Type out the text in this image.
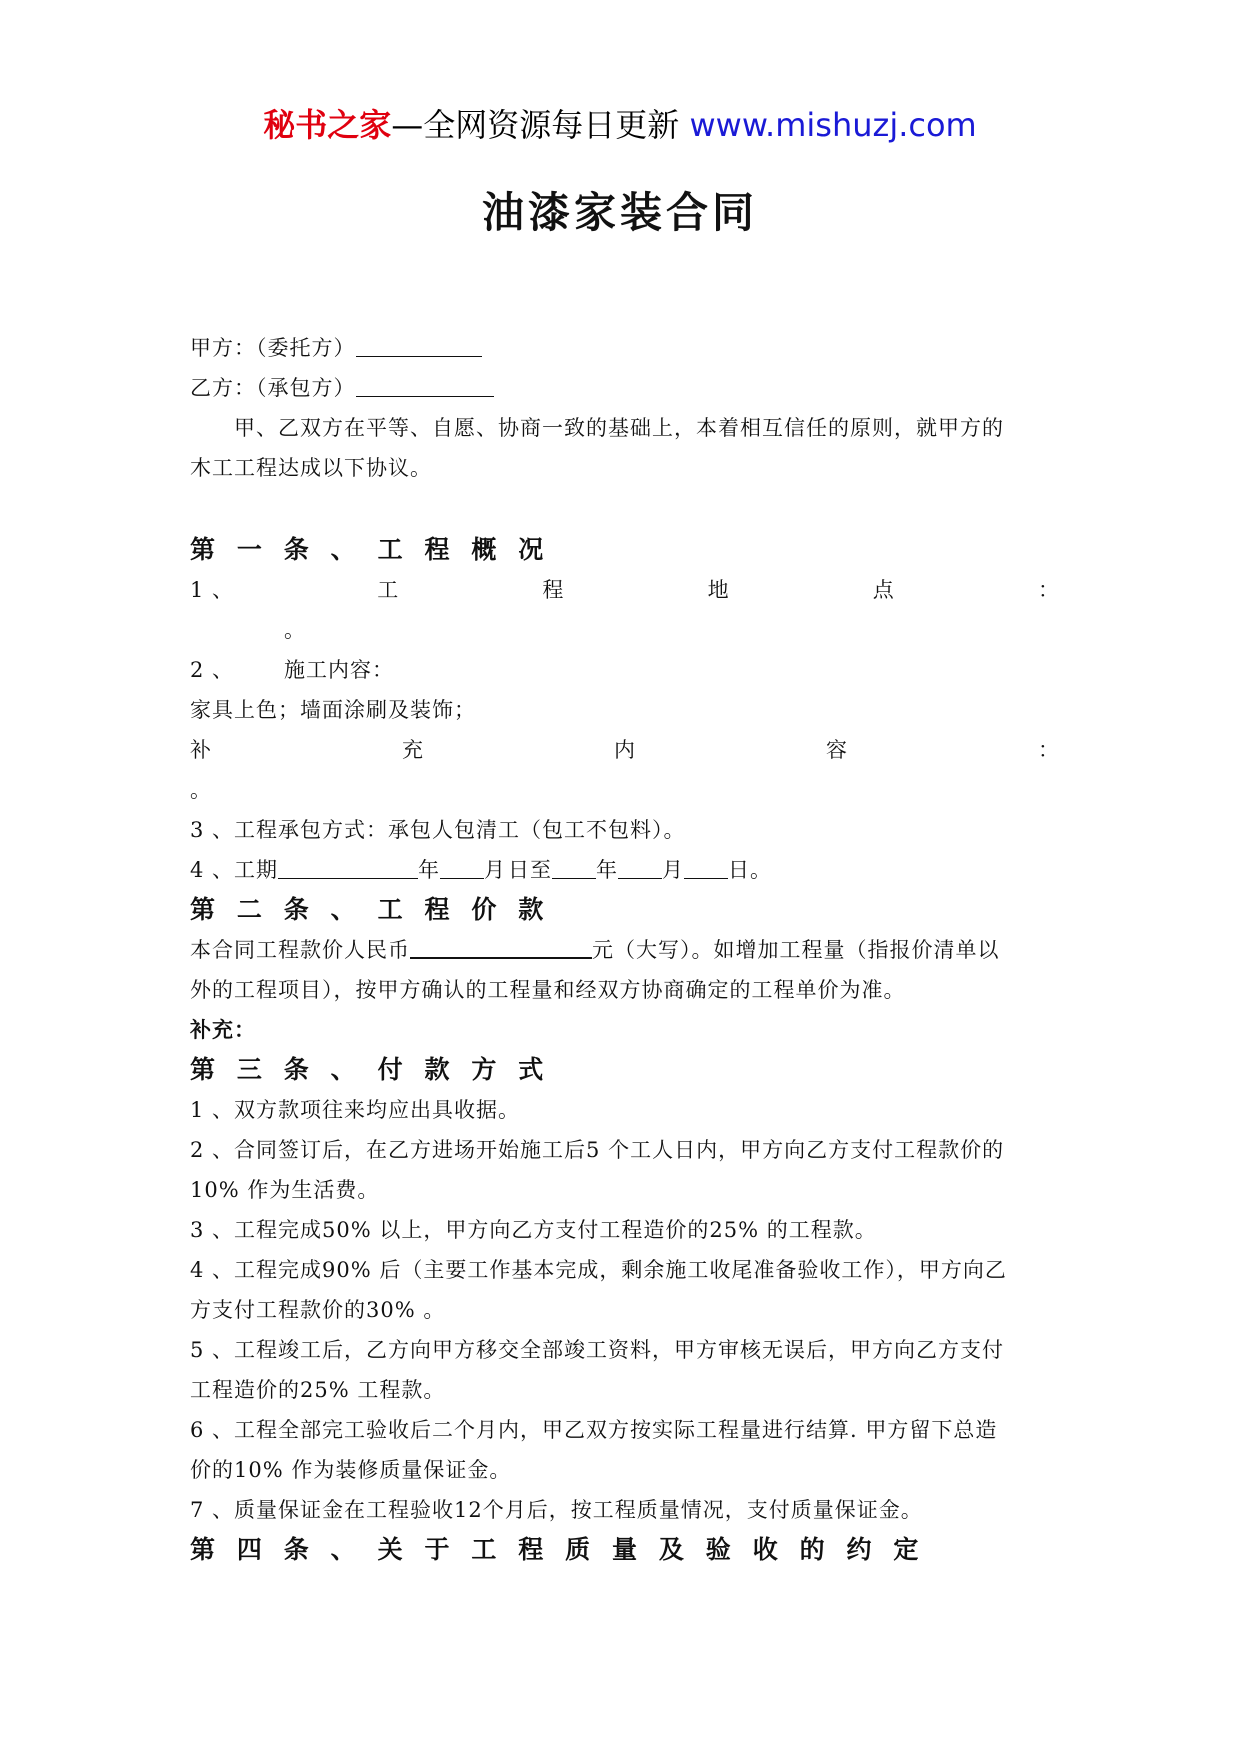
秘书之家—全网资源每日更新 www.mishuzj.com
油漆家装合同
甲方：（委托方）
乙方：（承包方）
　　甲、乙双方在平等、自愿、协商一致的基础上，本着相互信任的原则，就甲方的
木工工程达成以下协议。
第 一 条 、 工 程 概 况
1 、	工	程	地	点	：
。
2 、 施工内容：
家具上色；墙面涂刷及装饰；
补	充	内	容	：
。
3 、工程承包方式：承包人包清工（包工不包料）。
4 、工期	年 月日至 年 月 日。
第 二 条 、 工 程 价 款
本合同工程款价人民币	元（大写）。如增加工程量（指报价清单以
外的工程项目），按甲方确认的工程量和经双方协商确定的工程单价为准。
补充：
第 三 条 、 付 款 方 式
1 、双方款项往来均应出具收据。
2 、合同签订后，在乙方进场开始施工后5 个工人日内，甲方向乙方支付工程款价的
10% 作为生活费。
3 、工程完成50% 以上，甲方向乙方支付工程造价的25% 的工程款。
4 、工程完成90% 后（主要工作基本完成，剩余施工收尾准备验收工作），甲方向乙
方支付工程款价的30% 。
5 、工程竣工后，乙方向甲方移交全部竣工资料，甲方审核无误后，甲方向乙方支付
工程造价的25% 工程款。
6 、工程全部完工验收后二个月内，甲乙双方按实际工程量进行结算. 甲方留下总造
价的10% 作为装修质量保证金。
7 、质量保证金在工程验收12个月后，按工程质量情况，支付质量保证金。
第 四 条 、 关 于 工 程 质 量 及 验 收 的 约 定
